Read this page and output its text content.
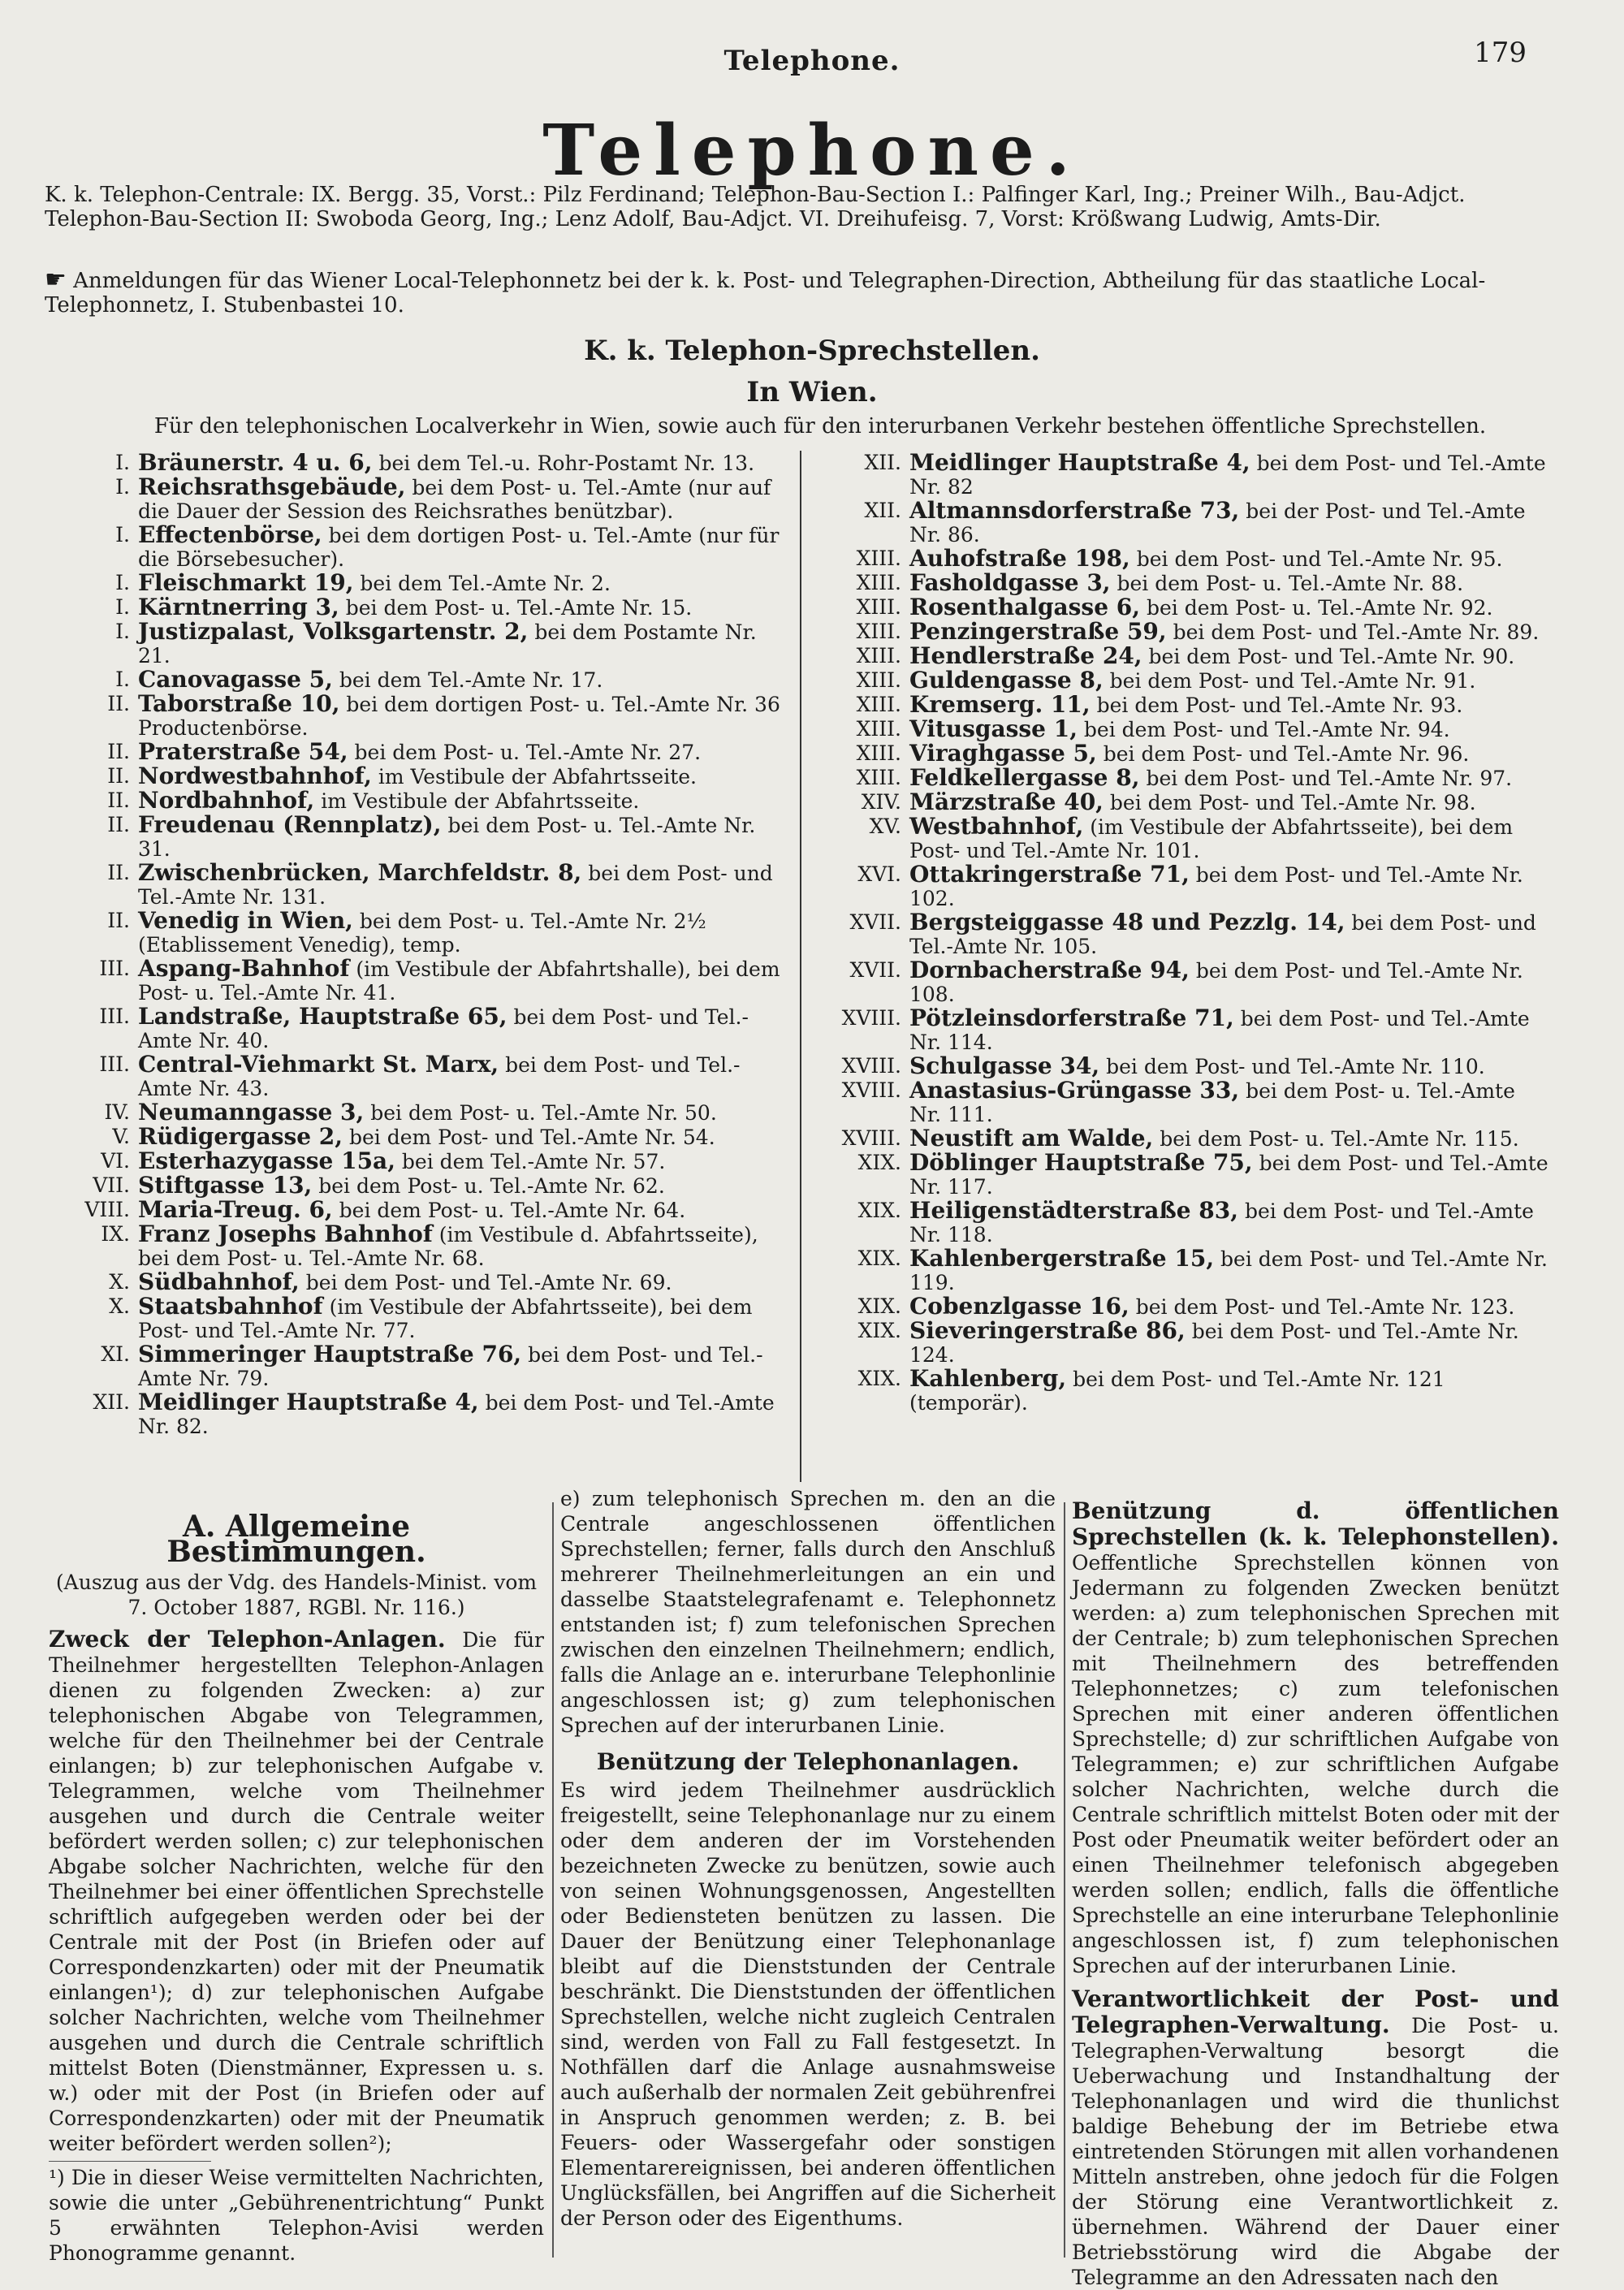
Telephone.	179
Telephone.
K. k. Telephon-Centrale: IX. Bergg. 35, Vorst.: Pilz Ferdinand; Telephon-Bau-Section I.: Palfinger Karl, Ing.; Preiner Wilh., Bau-Adjct. Telephon-Bau-Section II: Swoboda Georg, Ing.; Lenz Adolf, Bau-Adjct. VI. Dreihufeisg. 7, Vorst: Krößwang Ludwig, Amts-Dir.
☛ Anmeldungen für das Wiener Local-Telephonnetz bei der k. k. Post- und Telegraphen-Direction, Abtheilung für das staatliche Local-Telephonnetz, I. Stubenbastei 10.
K. k. Telephon-Sprechstellen.
In Wien.
Für den telephonischen Localverkehr in Wien, sowie auch für den interurbanen Verkehr bestehen öffentliche Sprechstellen.
I. Bräunerstr. 4 u. 6, bei dem Tel.-u. Rohr-Postamt Nr. 13.
I. Reichsrathsgebäude, bei dem Post- u. Tel.-Amte (nur auf die Dauer der Session des Reichsrathes benützbar).
I. Effectenbörse, bei dem dortigen Post- u. Tel.-Amte (nur für die Börsebesucher).
I. Fleischmarkt 19, bei dem Tel.-Amte Nr. 2.
I. Kärntnerring 3, bei dem Post- u. Tel.-Amte Nr. 15.
I. Justizpalast, Volksgartenstr. 2, bei dem Postamte Nr. 21.
I. Canovagasse 5, bei dem Tel.-Amte Nr. 17.
II. Taborstraße 10, bei dem dortigen Post- u. Tel.-Amte Nr. 36 Productenbörse.
II. Praterstraße 54, bei dem Post- u. Tel.-Amte Nr. 27.
II. Nordwestbahnhof, im Vestibule der Abfahrtsseite.
II. Nordbahnhof, im Vestibule der Abfahrtsseite.
II. Freudenau (Rennplatz), bei dem Post- u. Tel.-Amte Nr. 31.
II. Zwischenbrücken, Marchfeldstr. 8, bei dem Post- und Tel.-Amte Nr. 131.
II. Venedig in Wien, bei dem Post- u. Tel.-Amte Nr. 2½ (Etablissement Venedig), temp.
III. Aspang-Bahnhof (im Vestibule der Abfahrtshalle), bei dem Post- u. Tel.-Amte Nr. 41.
III. Landstraße, Hauptstraße 65, bei dem Post- und Tel.-Amte Nr. 40.
III. Central-Viehmarkt St. Marx, bei dem Post- und Tel.-Amte Nr. 43.
IV. Neumanngasse 3, bei dem Post- u. Tel.-Amte Nr. 50.
V. Rüdigergasse 2, bei dem Post- und Tel.-Amte Nr. 54.
VI. Esterhazygasse 15a, bei dem Tel.-Amte Nr. 57.
VII. Stiftgasse 13, bei dem Post- u. Tel.-Amte Nr. 62.
VIII. Maria-Treug. 6, bei dem Post- u. Tel.-Amte Nr. 64.
IX. Franz Josephs Bahnhof (im Vestibule d. Abfahrtsseite), bei dem Post- u. Tel.-Amte Nr. 68.
X. Südbahnhof, bei dem Post- und Tel.-Amte Nr. 69.
X. Staatsbahnhof (im Vestibule der Abfahrtsseite), bei dem Post- und Tel.-Amte Nr. 77.
XI. Simmeringer Hauptstraße 76, bei dem Post- und Tel.-Amte Nr. 79.
XII. Meidlinger Hauptstraße 4, bei dem Post- und Tel.-Amte Nr. 82.
XII. Meidlinger Hauptstraße 4, bei dem Post- und Tel.-Amte Nr. 82
XII. Altmannsdorferstraße 73, bei der Post- und Tel.-Amte Nr. 86.
XIII. Auhofstraße 198, bei dem Post- und Tel.-Amte Nr. 95.
XIII. Fasholdgasse 3, bei dem Post- u. Tel.-Amte Nr. 88.
XIII. Rosenthalgasse 6, bei dem Post- u. Tel.-Amte Nr. 92.
XIII. Penzingerstraße 59, bei dem Post- und Tel.-Amte Nr. 89.
XIII. Hendlerstraße 24, bei dem Post- und Tel.-Amte Nr. 90.
XIII. Guldengasse 8, bei dem Post- und Tel.-Amte Nr. 91.
XIII. Kremserg. 11, bei dem Post- und Tel.-Amte Nr. 93.
XIII. Vitusgasse 1, bei dem Post- und Tel.-Amte Nr. 94.
XIII. Viraghgasse 5, bei dem Post- und Tel.-Amte Nr. 96.
XIII. Feldkellergasse 8, bei dem Post- und Tel.-Amte Nr. 97.
XIV. Märzstraße 40, bei dem Post- und Tel.-Amte Nr. 98.
XV. Westbahnhof, (im Vestibule der Abfahrtsseite), bei dem Post- und Tel.-Amte Nr. 101.
XVI. Ottakringerstraße 71, bei dem Post- und Tel.-Amte Nr. 102.
XVII. Bergsteiggasse 48 und Pezzlg. 14, bei dem Post- und Tel.-Amte Nr. 105.
XVII. Dornbacherstraße 94, bei dem Post- und Tel.-Amte Nr. 108.
XVIII. Pötzleinsdorferstraße 71, bei dem Post- und Tel.-Amte Nr. 114.
XVIII. Schulgasse 34, bei dem Post- und Tel.-Amte Nr. 110.
XVIII. Anastasius-Grüngasse 33, bei dem Post- u. Tel.-Amte Nr. 111.
XVIII. Neustift am Walde, bei dem Post- u. Tel.-Amte Nr. 115.
XIX. Döblinger Hauptstraße 75, bei dem Post- und Tel.-Amte Nr. 117.
XIX. Heiligenstädterstraße 83, bei dem Post- und Tel.-Amte Nr. 118.
XIX. Kahlenbergerstraße 15, bei dem Post- und Tel.-Amte Nr. 119.
XIX. Cobenzlgasse 16, bei dem Post- und Tel.-Amte Nr. 123.
XIX. Sieveringerstraße 86, bei dem Post- und Tel.-Amte Nr. 124.
XIX. Kahlenberg, bei dem Post- und Tel.-Amte Nr. 121 (temporär).
A. Allgemeine Bestimmungen.
(Auszug aus der Vdg. des Handels-Minist. vom 7. October 1887, RGBl. Nr. 116.)
Zweck der Telephon-Anlagen. Die für Theilnehmer hergestellten Telephon-Anlagen dienen zu folgenden Zwecken: a) zur telephonischen Abgabe von Telegrammen, welche für den Theilnehmer bei der Centrale einlangen; b) zur telephonischen Aufgabe v. Telegrammen, welche vom Theilnehmer ausgehen und durch die Centrale weiter befördert werden sollen; c) zur telephonischen Abgabe solcher Nachrichten, welche für den Theilnehmer bei einer öffentlichen Sprechstelle schriftlich aufgegeben werden oder bei der Centrale mit der Post (in Briefen oder auf Correspondenzkarten) oder mit der Pneumatik einlangen¹); d) zur telephonischen Aufgabe solcher Nachrichten, welche vom Theilnehmer ausgehen und durch die Centrale schriftlich mittelst Boten (Dienstmänner, Expressen u. s. w.) oder mit der Post (in Briefen oder auf Correspondenzkarten) oder mit der Pneumatik weiter befördert werden sollen²);
¹) Die in dieser Weise vermittelten Nachrichten, sowie die unter „Gebührenentrichtung“ Punkt 5 erwähnten Telephon-Avisi werden Phonogramme genannt.
e) zum telephonisch Sprechen m. den an die Centrale angeschlossenen öffentlichen Sprechstellen; ferner, falls durch den Anschluß mehrerer Theilnehmerleitungen an ein und dasselbe Staatstelegrafenamt e. Telephonnetz entstanden ist; f) zum telefonischen Sprechen zwischen den einzelnen Theilnehmern; endlich, falls die Anlage an e. interurbane Telephonlinie angeschlossen ist; g) zum telephonischen Sprechen auf der interurbanen Linie.
Benützung der Telephonanlagen.
Es wird jedem Theilnehmer ausdrücklich freigestellt, seine Telephonanlage nur zu einem oder dem anderen der im Vorstehenden bezeichneten Zwecke zu benützen, sowie auch von seinen Wohnungsgenossen, Angestellten oder Bediensteten benützen zu lassen. Die Dauer der Benützung einer Telephonanlage bleibt auf die Dienststunden der Centrale beschränkt. Die Dienststunden der öffentlichen Sprechstellen, welche nicht zugleich Centralen sind, werden von Fall zu Fall festgesetzt. In Nothfällen darf die Anlage ausnahmsweise auch außerhalb der normalen Zeit gebührenfrei in Anspruch genommen werden; z. B. bei Feuers- oder Wassergefahr oder sonstigen Elementarereignissen, bei anderen öffentlichen Unglücksfällen, bei Angriffen auf die Sicherheit der Person oder des Eigenthums.
Benützung d. öffentlichen Sprechstellen (k. k. Telephonstellen). Oeffentliche Sprechstellen können von Jedermann zu folgenden Zwecken benützt werden: a) zum telephonischen Sprechen mit der Centrale; b) zum telephonischen Sprechen mit Theilnehmern des betreffenden Telephonnetzes; c) zum telefonischen Sprechen mit einer anderen öffentlichen Sprechstelle; d) zur schriftlichen Aufgabe von Telegrammen; e) zur schriftlichen Aufgabe solcher Nachrichten, welche durch die Centrale schriftlich mittelst Boten oder mit der Post oder Pneumatik weiter befördert oder an einen Theilnehmer telefonisch abgegeben werden sollen; endlich, falls die öffentliche Sprechstelle an eine interurbane Telephonlinie angeschlossen ist, f) zum telephonischen Sprechen auf der interurbanen Linie.
Verantwortlichkeit der Post- und Telegraphen-Verwaltung. Die Post- u. Telegraphen-Verwaltung besorgt die Ueberwachung und Instandhaltung der Telephonanlagen und wird die thunlichst baldige Behebung der im Betriebe etwa eintretenden Störungen mit allen vorhandenen Mitteln anstreben, ohne jedoch für die Folgen der Störung eine Verantwortlichkeit z. übernehmen. Während der Dauer einer Betriebsstörung wird die Abgabe der Telegramme an den Adressaten nach den
